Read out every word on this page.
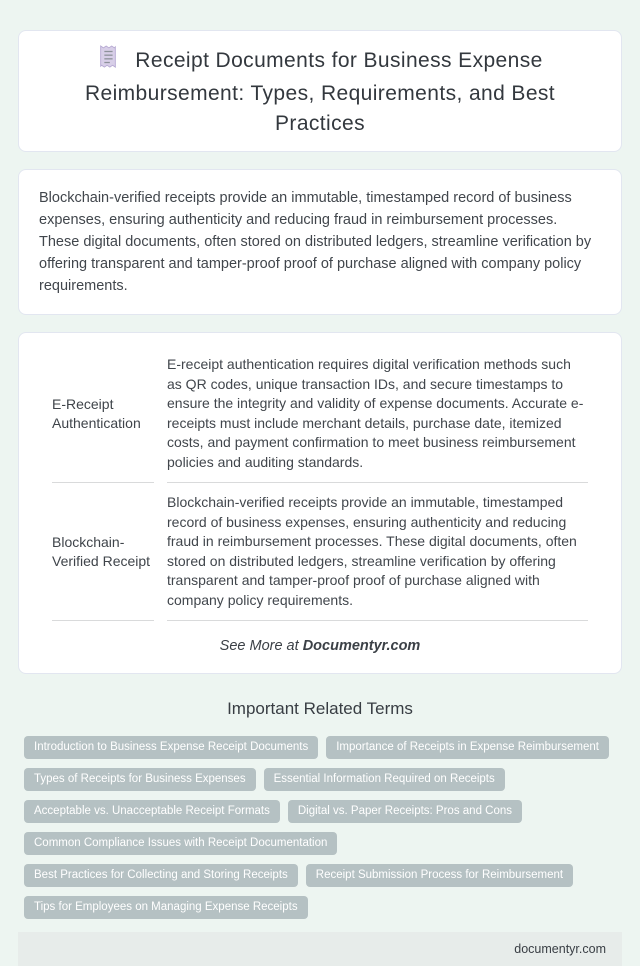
Receipt Documents for Business Expense Reimbursement: Types, Requirements, and Best Practices

Blockchain-verified receipts provide an immutable, timestamped record of business expenses, ensuring authenticity and reducing fraud in reimbursement processes. These digital documents, often stored on distributed ledgers, streamline verification by offering transparent and tamper-proof proof of purchase aligned with company policy requirements.

E-Receipt Authentication	E-receipt authentication requires digital verification methods such as QR codes, unique transaction IDs, and secure timestamps to ensure the integrity and validity of expense documents. Accurate e-receipts must include merchant details, purchase date, itemized costs, and payment confirmation to meet business reimbursement policies and auditing standards.
Blockchain-Verified Receipt	Blockchain-verified receipts provide an immutable, timestamped record of business expenses, ensuring authenticity and reducing fraud in reimbursement processes. These digital documents, often stored on distributed ledgers, streamline verification by offering transparent and tamper-proof proof of purchase aligned with company policy requirements.
See More at Documentyr.com
Important Related Terms
Introduction to Business Expense Receipt Documents	Importance of Receipts in Expense Reimbursement
Types of Receipts for Business Expenses	Essential Information Required on Receipts
Acceptable vs. Unacceptable Receipt Formats	Digital vs. Paper Receipts: Pros and Cons
Common Compliance Issues with Receipt Documentation
Best Practices for Collecting and Storing Receipts	Receipt Submission Process for Reimbursement
Tips for Employees on Managing Expense Receipts
documentyr.com
